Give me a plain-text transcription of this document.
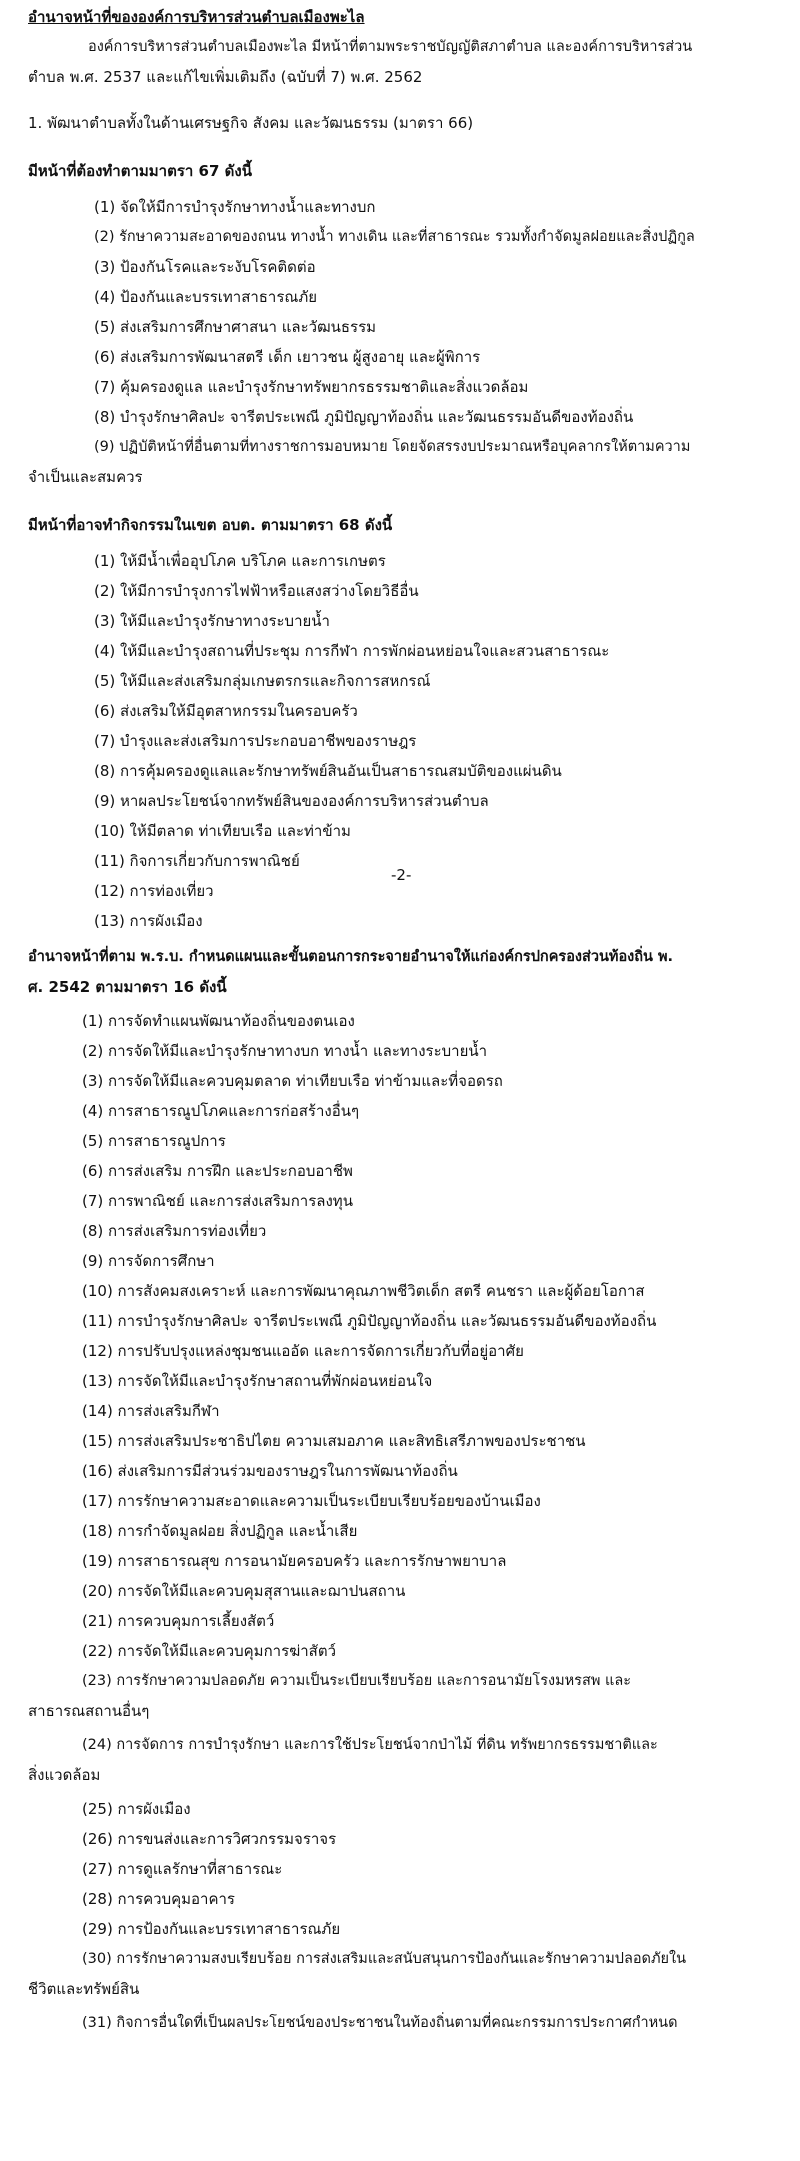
อำนาจหน้าที่ขององค์การบริหารส่วนตำบลเมืองพะไล
องค์การบริหารส่วนตำบลเมืองพะไล มีหน้าที่ตามพระราชบัญญัติสภาตำบล และองค์การบริหารส่วน
ตำบล พ.ศ. 2537 และแก้ไขเพิ่มเติมถึง (ฉบับที่ 7) พ.ศ. 2562
1. พัฒนาตำบลทั้งในด้านเศรษฐกิจ สังคม และวัฒนธรรม (มาตรา 66)
มีหน้าที่ต้องทำตามมาตรา 67 ดังนี้
(1) จัดให้มีการบำรุงรักษาทางน้ำและทางบก
(2) รักษาความสะอาดของถนน ทางน้ำ ทางเดิน และที่สาธารณะ รวมทั้งกำจัดมูลฝอยและสิ่งปฏิกูล
(3) ป้องกันโรคและระงับโรคติดต่อ
(4) ป้องกันและบรรเทาสาธารณภัย
(5) ส่งเสริมการศึกษาศาสนา และวัฒนธรรม
(6) ส่งเสริมการพัฒนาสตรี เด็ก เยาวชน ผู้สูงอายุ และผู้พิการ
(7) คุ้มครองดูแล และบำรุงรักษาทรัพยากรธรรมชาติและสิ่งแวดล้อม
(8) บำรุงรักษาศิลปะ จารีตประเพณี ภูมิปัญญาท้องถิ่น และวัฒนธรรมอันดีของท้องถิ่น
(9) ปฏิบัติหน้าที่อื่นตามที่ทางราชการมอบหมาย โดยจัดสรรงบประมาณหรือบุคลากรให้ตามความ
จำเป็นและสมควร
มีหน้าที่อาจทำกิจกรรมในเขต อบต. ตามมาตรา 68 ดังนี้
(1) ให้มีน้ำเพื่ออุปโภค บริโภค และการเกษตร
(2) ให้มีการบำรุงการไฟฟ้าหรือแสงสว่างโดยวิธีอื่น
(3) ให้มีและบำรุงรักษาทางระบายน้ำ
(4) ให้มีและบำรุงสถานที่ประชุม การกีฬา การพักผ่อนหย่อนใจและสวนสาธารณะ
(5) ให้มีและส่งเสริมกลุ่มเกษตรกรและกิจการสหกรณ์
(6) ส่งเสริมให้มีอุตสาหกรรมในครอบครัว
(7) บำรุงและส่งเสริมการประกอบอาชีพของราษฎร
(8) การคุ้มครองดูแลและรักษาทรัพย์สินอันเป็นสาธารณสมบัติของแผ่นดิน
(9) หาผลประโยชน์จากทรัพย์สินขององค์การบริหารส่วนตำบล
(10) ให้มีตลาด ท่าเทียบเรือ และท่าข้าม
(11) กิจการเกี่ยวกับการพาณิชย์
(12) การท่องเที่ยว
(13) การผังเมือง
-2-
อำนาจหน้าที่ตาม พ.ร.บ. กำหนดแผนและขั้นตอนการกระจายอำนาจให้แก่องค์กรปกครองส่วนท้องถิ่น พ.
ศ. 2542 ตามมาตรา 16 ดังนี้
(1) การจัดทำแผนพัฒนาท้องถิ่นของตนเอง
(2) การจัดให้มีและบำรุงรักษาทางบก ทางน้ำ และทางระบายน้ำ
(3) การจัดให้มีและควบคุมตลาด ท่าเทียบเรือ ท่าข้ามและที่จอดรถ
(4) การสาธารณูปโภคและการก่อสร้างอื่นๆ
(5) การสาธารณูปการ
(6) การส่งเสริม การฝึก และประกอบอาชีพ
(7) การพาณิชย์ และการส่งเสริมการลงทุน
(8) การส่งเสริมการท่องเที่ยว
(9) การจัดการศึกษา
(10) การสังคมสงเคราะห์ และการพัฒนาคุณภาพชีวิตเด็ก สตรี คนชรา และผู้ด้อยโอกาส
(11) การบำรุงรักษาศิลปะ จารีตประเพณี ภูมิปัญญาท้องถิ่น และวัฒนธรรมอันดีของท้องถิ่น
(12) การปรับปรุงแหล่งชุมชนแออัด และการจัดการเกี่ยวกับที่อยู่อาศัย
(13) การจัดให้มีและบำรุงรักษาสถานที่พักผ่อนหย่อนใจ
(14) การส่งเสริมกีฬา
(15) การส่งเสริมประชาธิปไตย ความเสมอภาค และสิทธิเสรีภาพของประชาชน
(16) ส่งเสริมการมีส่วนร่วมของราษฎรในการพัฒนาท้องถิ่น
(17) การรักษาความสะอาดและความเป็นระเบียบเรียบร้อยของบ้านเมือง
(18) การกำจัดมูลฝอย สิ่งปฏิกูล และน้ำเสีย
(19) การสาธารณสุข การอนามัยครอบครัว และการรักษาพยาบาล
(20) การจัดให้มีและควบคุมสุสานและฌาปนสถาน
(21) การควบคุมการเลี้ยงสัตว์
(22) การจัดให้มีและควบคุมการฆ่าสัตว์
(23) การรักษาความปลอดภัย ความเป็นระเบียบเรียบร้อย และการอนามัยโรงมหรสพ และ
สาธารณสถานอื่นๆ
(24) การจัดการ การบำรุงรักษา และการใช้ประโยชน์จากป่าไม้ ที่ดิน ทรัพยากรธรรมชาติและ
สิ่งแวดล้อม
(25) การผังเมือง
(26) การขนส่งและการวิศวกรรมจราจร
(27) การดูแลรักษาที่สาธารณะ
(28) การควบคุมอาคาร
(29) การป้องกันและบรรเทาสาธารณภัย
(30) การรักษาความสงบเรียบร้อย การส่งเสริมและสนับสนุนการป้องกันและรักษาความปลอดภัยใน
ชีวิตและทรัพย์สิน
(31) กิจการอื่นใดที่เป็นผลประโยชน์ของประชาชนในท้องถิ่นตามที่คณะกรรมการประกาศกำหนด
